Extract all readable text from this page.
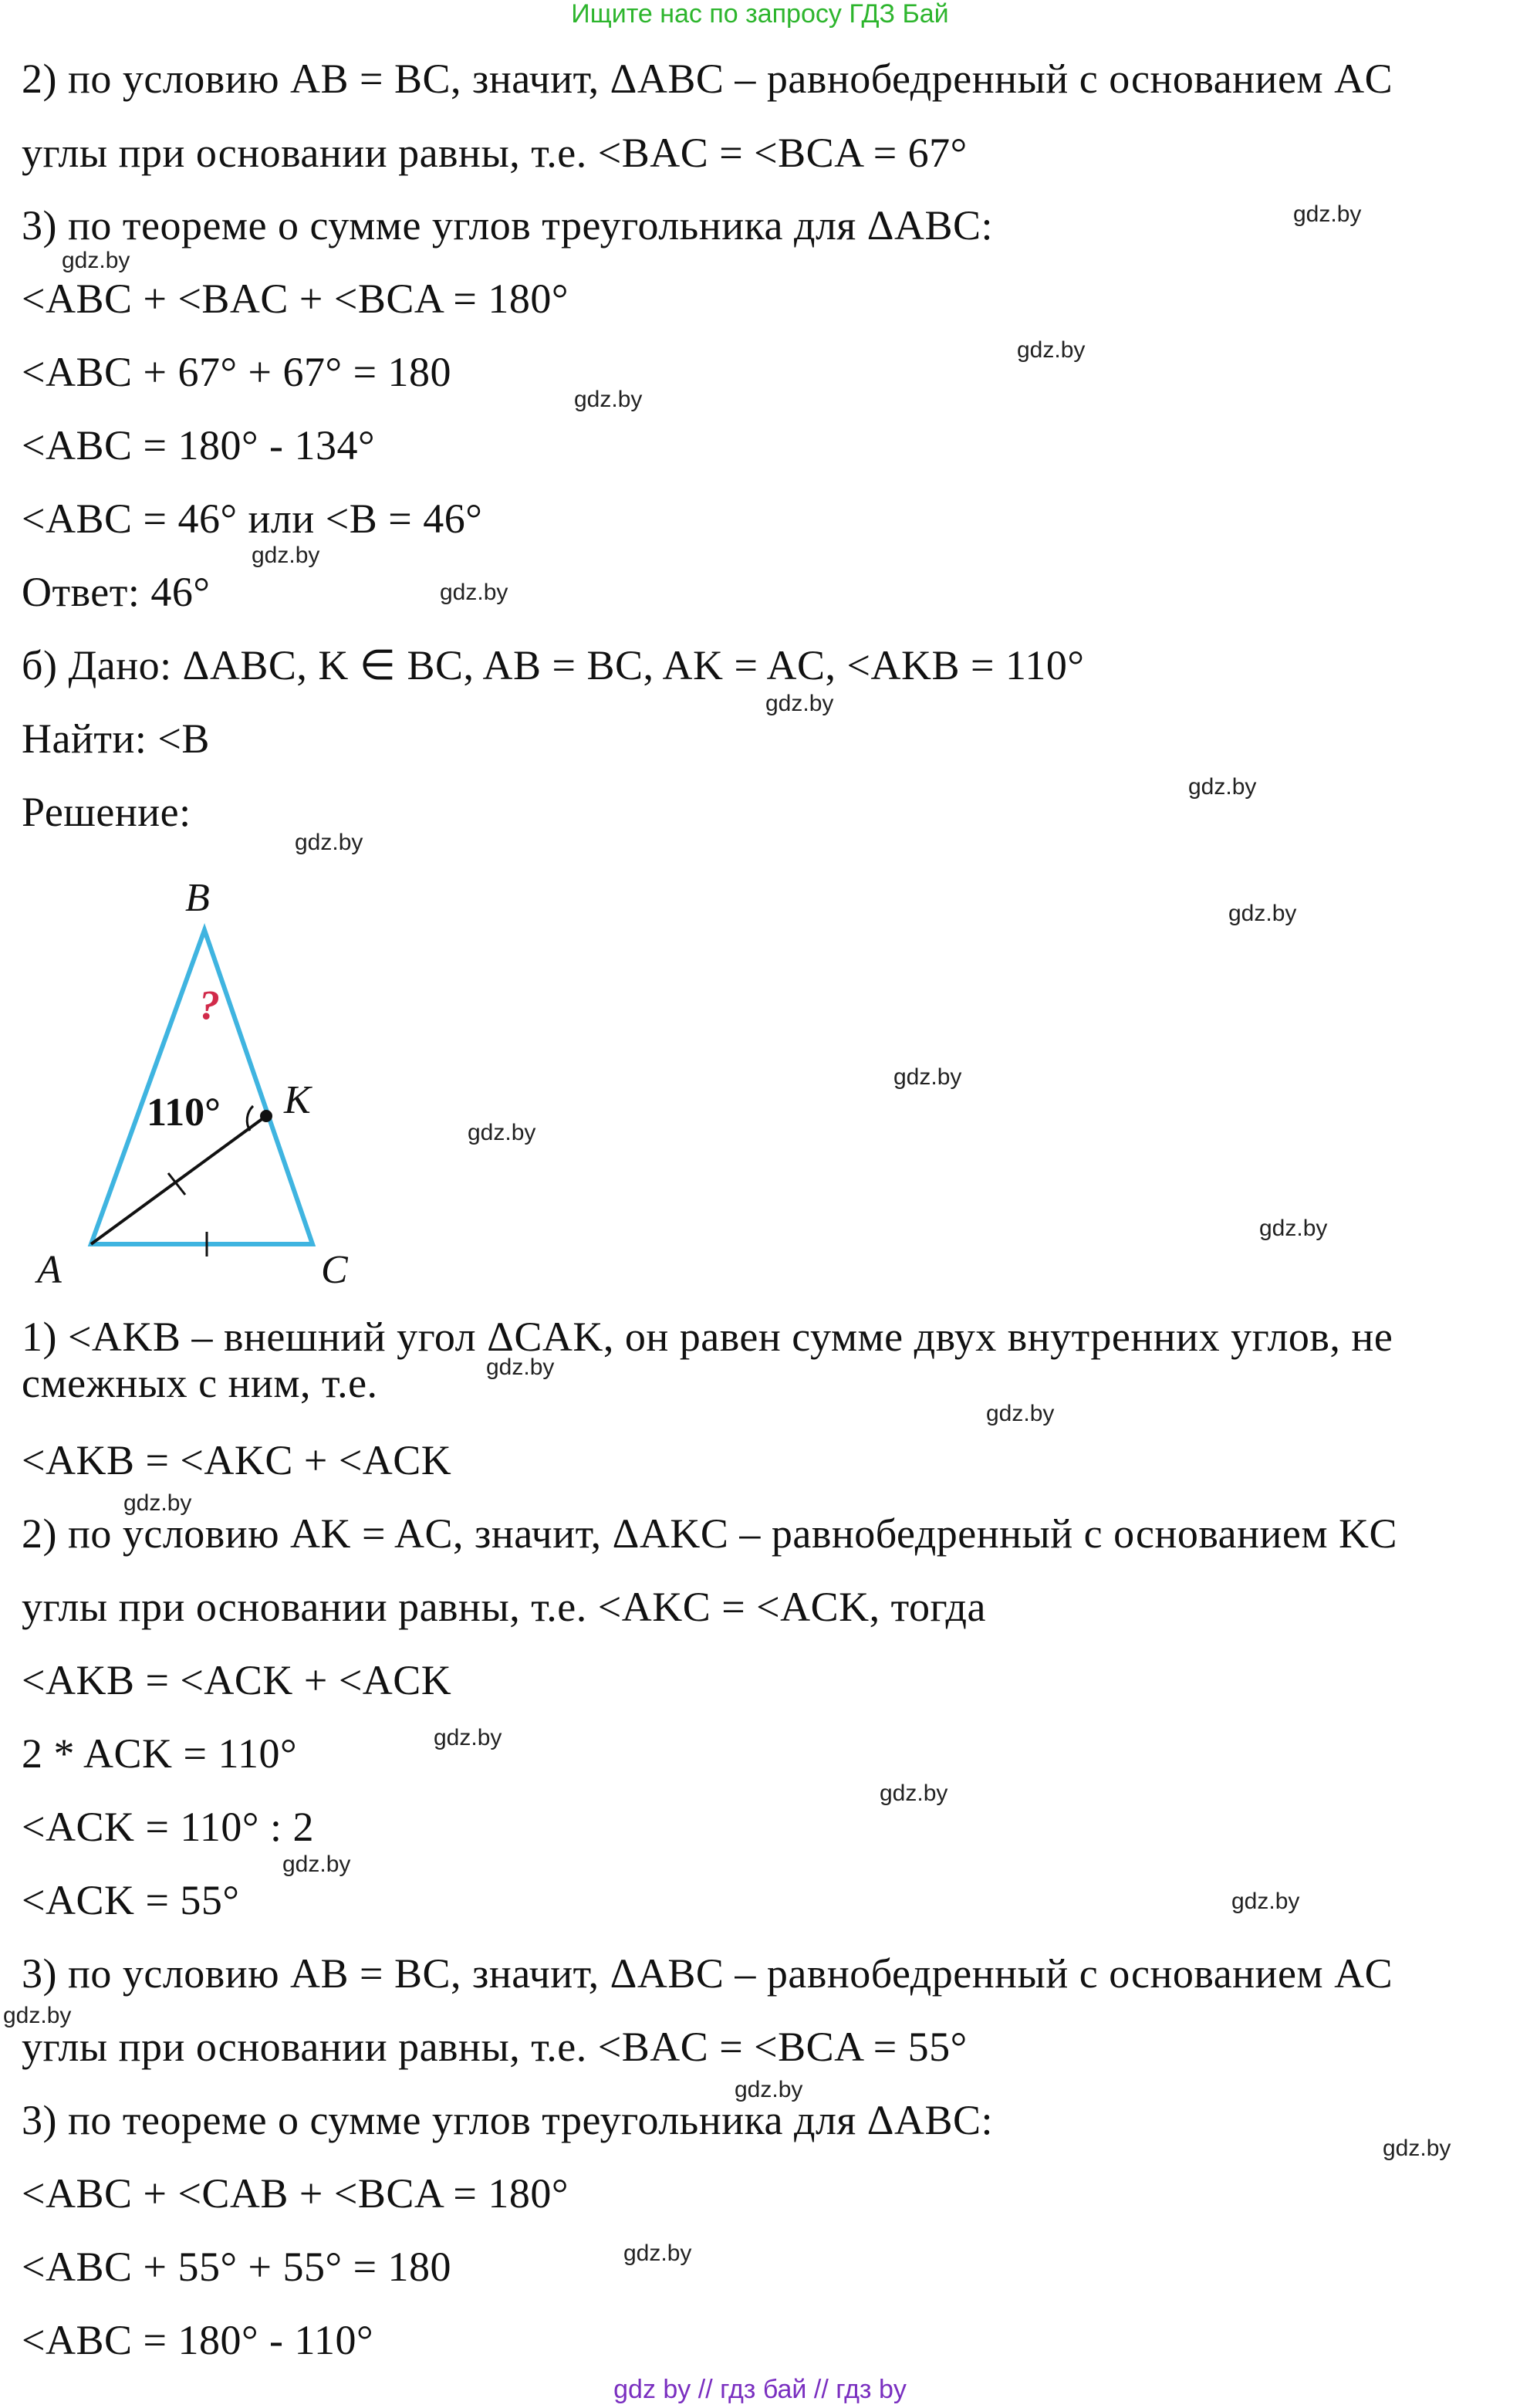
Ищите нас по запросу ГДЗ Бай
2) по условию AB = BC, значит, ΔABC – равнобедренный с основанием AC
углы при основании равны, т.е. <BAC = <BCA = 67°
3) по теореме о сумме углов треугольника для ΔABC:
<ABC + <BAC + <BCA = 180°
<ABC + 67° + 67° = 180
<ABC = 180° - 134°
<ABC = 46° или <B = 46°
Ответ: 46°
б) Дано: ΔABC, K ∈ BC, AB = BC, AK = AC, <AKB = 110°
Найти: <B
Решение:
?
110°
B
K
A	C
1) <AKB – внешний угол ΔCAK, он равен сумме двух внутренних углов, не смежных с ним, т.е.
<AKB = <AKC + <ACK
2) по условию AK = AC, значит, ΔAKC – равнобедренный с основанием KC
углы при основании равны, т.е. <AKC = <ACK, тогда
<AKB = <ACK + <ACK
2 * ACK = 110°
<ACK = 110° : 2
<ACK = 55°
3) по условию AB = BC, значит, ΔABC – равнобедренный с основанием AC
углы при основании равны, т.е. <BAC = <BCA = 55°
3) по теореме о сумме углов треугольника для ΔABC:
<ABC + <CAB + <BCA = 180°
<ABC + 55° + 55° = 180
<ABC = 180° - 110°
gdz.by
gdz.by
gdz.by
gdz.by
gdz.by
gdz.by
gdz.by
gdz.by
gdz.by
gdz.by
gdz.by
gdz.by
gdz.by
gdz.by
gdz.by
gdz.by
gdz.by
gdz.by
gdz.by
gdz.by
gdz.by
gdz.by
gdz.by
gdz.by
gdz by // гдз бай // гдз by
